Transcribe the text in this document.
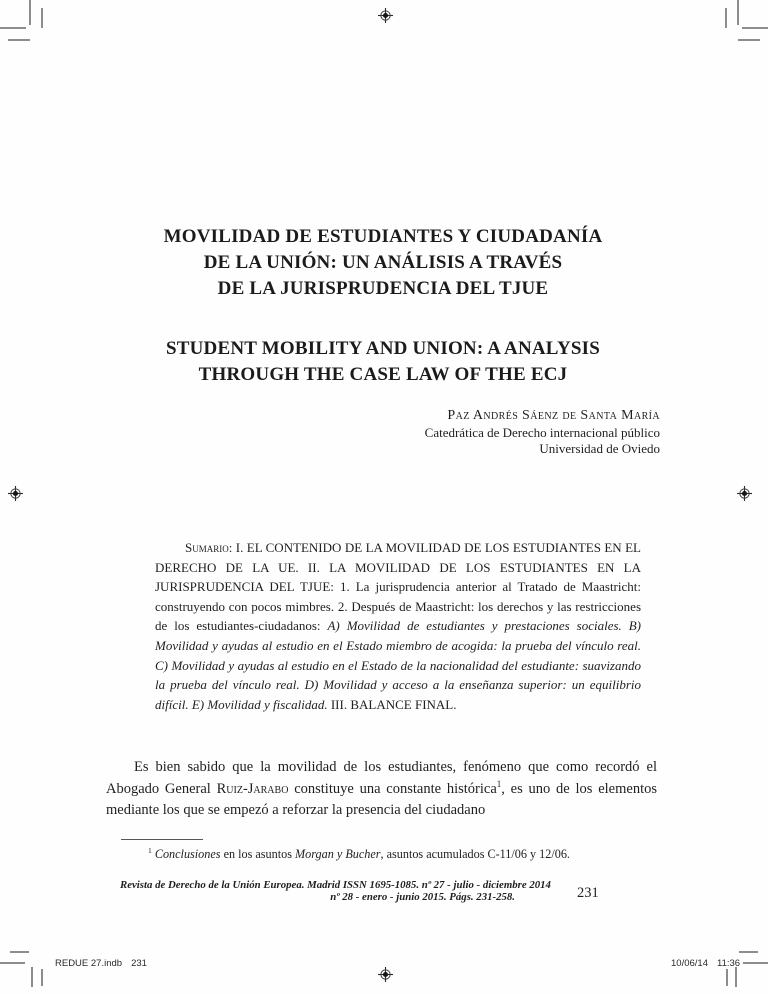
MOVILIDAD DE ESTUDIANTES Y CIUDADANÍA
DE LA UNIÓN: UN ANÁLISIS A TRAVÉS
DE LA JURISPRUDENCIA DEL TJUE
STUDENT MOBILITY AND UNION: A ANALYSIS
THROUGH THE CASE LAW OF THE ECJ
Paz Andrés Sáenz de Santa María
Catedrática de Derecho internacional público
Universidad de Oviedo
Sumario: I. EL CONTENIDO DE LA MOVILIDAD DE LOS ESTUDIANTES EN EL DERECHO DE LA UE. II. LA MOVILIDAD DE LOS ESTUDIANTES EN LA JURISPRUDENCIA DEL TJUE: 1. La jurisprudencia anterior al Tratado de Maastricht: construyendo con pocos mimbres. 2. Después de Maastricht: los derechos y las restricciones de los estudiantes-ciudadanos: A) Movilidad de estudiantes y prestaciones sociales. B) Movilidad y ayudas al estudio en el Estado miembro de acogida: la prueba del vínculo real. C) Movilidad y ayudas al estudio en el Estado de la nacionalidad del estudiante: suavizando la prueba del vínculo real. D) Movilidad y acceso a la enseñanza superior: un equilibrio difícil. E) Movilidad y fiscalidad. III. BALANCE FINAL.
Es bien sabido que la movilidad de los estudiantes, fenómeno que como recordó el Abogado General Ruiz-Jarabo constituye una constante histórica$^1$, es uno de los elementos mediante los que se empezó a reforzar la presencia del ciudadano
$^1$ Conclusiones en los asuntos Morgan y Bucher, asuntos acumulados C-11/06 y 12/06.
Revista de Derecho de la Unión Europea. Madrid ISSN 1695-1085. nº 27 - julio - diciembre 2014
nº 28 - enero - junio 2015. Págs. 231-258.	231
REDUE 27.indb 231	10/06/14 11:36
